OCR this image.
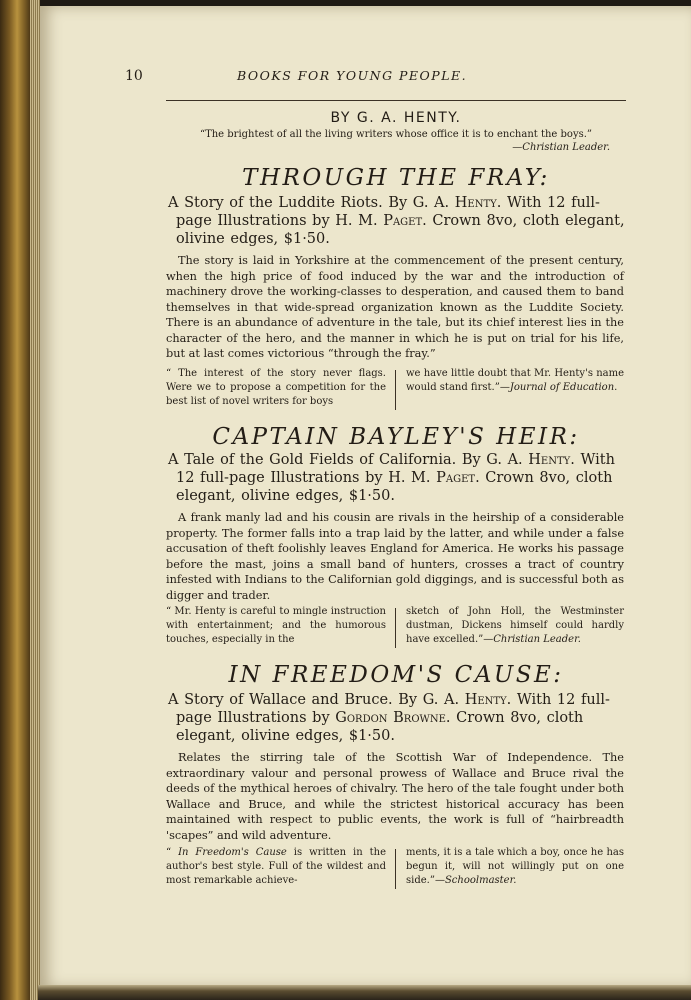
10	BOOKS FOR YOUNG PEOPLE.
BY G. A. HENTY.
“The brightest of all the living writers whose office it is to enchant the boys.”
—Christian Leader.
THROUGH THE FRAY:
A Story of the Luddite Riots. By G. A. Henty. With 12 full-page Illustrations by H. M. Paget. Crown 8vo, cloth elegant, olivine edges, $1·50.
The story is laid in Yorkshire at the commencement of the present century, when the high price of food induced by the war and the introduction of machinery drove the working-classes to desperation, and caused them to band themselves in that wide-spread organization known as the Luddite Society. There is an abundance of adventure in the tale, but its chief interest lies in the character of the hero, and the manner in which he is put on trial for his life, but at last comes victorious “through the fray.”
“ The interest of the story never flags. Were we to propose a competition for the best list of novel writers for boys
we have little doubt that Mr. Henty's name would stand first.”—Journal of Education.
CAPTAIN BAYLEY'S HEIR:
A Tale of the Gold Fields of California. By G. A. Henty. With 12 full-page Illustrations by H. M. Paget. Crown 8vo, cloth elegant, olivine edges, $1·50.
A frank manly lad and his cousin are rivals in the heirship of a considerable property. The former falls into a trap laid by the latter, and while under a false accusation of theft foolishly leaves England for America. He works his passage before the mast, joins a small band of hunters, crosses a tract of country infested with Indians to the Californian gold diggings, and is successful both as digger and trader.
“ Mr. Henty is careful to mingle instruction with entertainment; and the humorous touches, especially in the
sketch of John Holl, the Westminster dustman, Dickens himself could hardly have excelled.”—Christian Leader.
IN FREEDOM'S CAUSE:
A Story of Wallace and Bruce. By G. A. Henty. With 12 full-page Illustrations by Gordon Browne. Crown 8vo, cloth elegant, olivine edges, $1·50.
Relates the stirring tale of the Scottish War of Independence. The extraordinary valour and personal prowess of Wallace and Bruce rival the deeds of the mythical heroes of chivalry. The hero of the tale fought under both Wallace and Bruce, and while the strictest historical accuracy has been maintained with respect to public events, the work is full of “hairbreadth 'scapes” and wild adventure.
“ In Freedom's Cause is written in the author's best style. Full of the wildest and most remarkable achieve-
ments, it is a tale which a boy, once he has begun it, will not willingly put on one side.”—Schoolmaster.
